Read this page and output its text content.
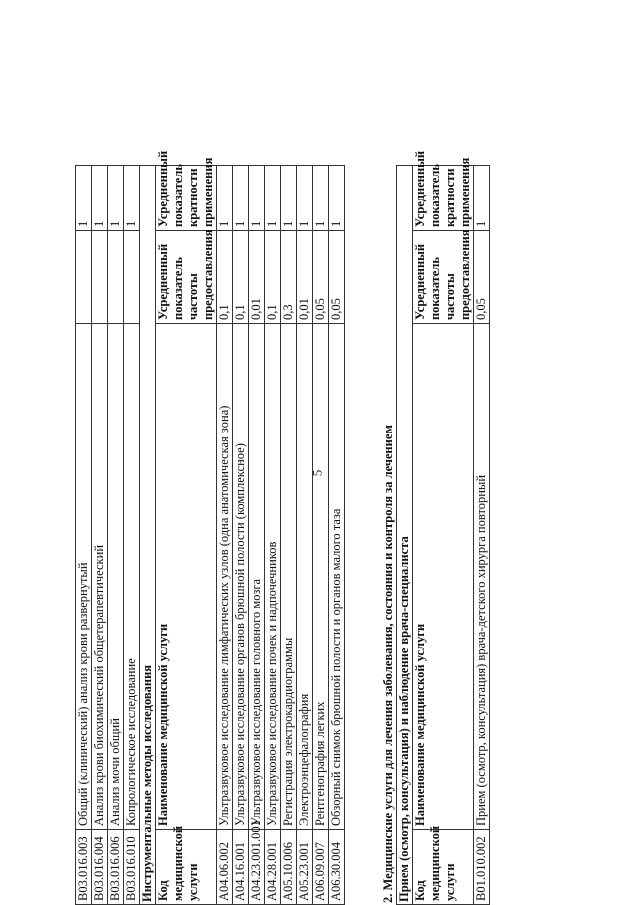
5
B03.016.003	Общий (клинический) анализ крови развернутый		1
B03.016.004	Анализ крови биохимический общетерапевтический		1
B03.016.006	Анализ мочи общий		1
B03.016.010	Копрологическое исследование		1
Инструментальные методы исследования			
Код медицинской услуги	Наименование медицинской услуги	Усредненный показатель частоты предоставления	Усредненный показатель кратности применения
A04.06.002	Ультразвуковое исследование лимфатических узлов (одна анатомическая зона)	0,1	1
A04.16.001	Ультразвуковое исследование органов брюшной полости (комплексное)	0,1	1
A04.23.001.001	Ультразвуковое исследование головного мозга	0,01	1
A04.28.001	Ультразвуковое исследование почек и надпочечников	0,1	1
A05.10.006	Регистрация электрокардиограммы	0,3	1
A05.23.001	Электроэнцефалография	0,01	1
A06.09.007	Рентгенография легких	0,05	1
A06.30.004	Обзорный снимок брюшной полости и органов малого таза	0,05	1
2. Медицинские услуги для лечения заболевания, состояния и контроля за лечением Прием (осмотр, консультация) и наблюдение врача-специалиста			
Код медицинской услуги	Наименование медицинской услуги	Усредненный показатель частоты предоставления	Усредненный показатель кратности применения
B01.010.002	Прием (осмотр, консультация) врача-детского хирурга повторный	0,05	1
